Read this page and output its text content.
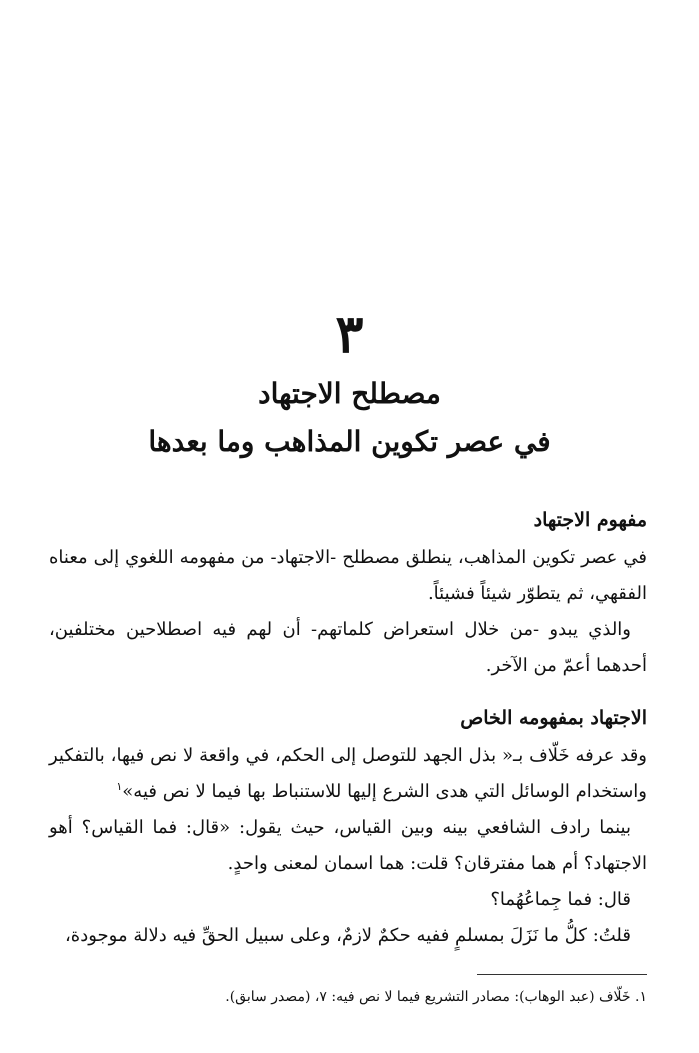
٣
مصطلح الاجتهاد
في عصر تكوين المذاهب وما بعدها
مفهوم الاجتهاد

في عصر تكوين المذاهب، ينطلق مصطلح -الاجتهاد- من مفهومه اللغوي إلى معناه الفقهي، ثم يتطوّر شيئاً فشيئاً.

والذي يبدو -من خلال استعراض كلماتهم- أن لهم فيه اصطلاحين مختلفين، أحدهما أعمّ من الآخر.

الاجتهاد بمفهومه الخاص

وقد عرفه خَلّاف بـ« بذل الجهد للتوصل إلى الحكم، في واقعة لا نص فيها، بالتفكير واستخدام الوسائل التي هدى الشرع إليها للاستنباط بها فيما لا نص فيه»$^١$

بينما رادف الشافعي بينه وبين القياس، حيث يقول: «قال: فما القياس؟ أهو الاجتهاد؟ أم هما مفترقان؟ قلت: هما اسمان لمعنى واحدٍ.

قال: فما جِماعُهُما؟

قلتُ: كلُّ ما نَزَلَ بمسلمٍ ففيه حكمٌ لازمٌ، وعلى سبيل الحقِّ فيه دلالة موجودة،

١. خَلّاف (عبد الوهاب): مصادر التشريع فيما لا نص فيه: ٧، (مصدر سابق).
